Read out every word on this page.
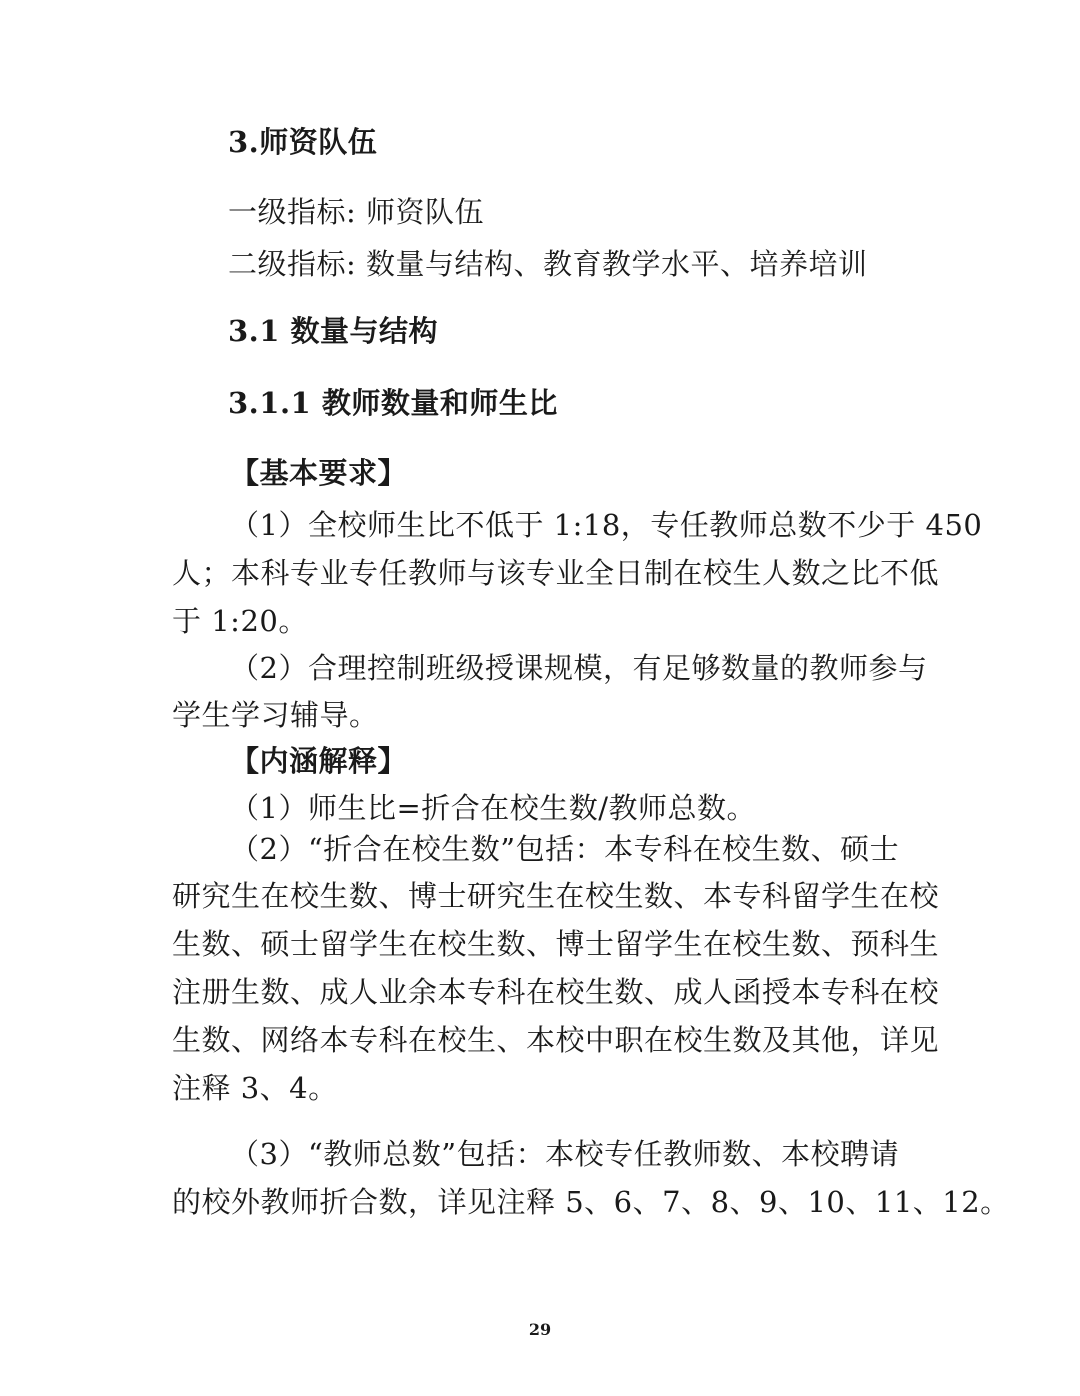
3.师资队伍
一级指标: 师资队伍
二级指标: 数量与结构、教育教学水平、培养培训
3.1 数量与结构
3.1.1 教师数量和师生比
【基本要求】
（1）全校师生比不低于 1:18，专任教师总数不少于 450
人；本科专业专任教师与该专业全日制在校生人数之比不低
于 1:20。
（2）合理控制班级授课规模，有足够数量的教师参与
学生学习辅导。
【内涵解释】
（1）师生比=折合在校生数/教师总数。
（2）“折合在校生数”包括：本专科在校生数、硕士
研究生在校生数、博士研究生在校生数、本专科留学生在校
生数、硕士留学生在校生数、博士留学生在校生数、预科生
注册生数、成人业余本专科在校生数、成人函授本专科在校
生数、网络本专科在校生、本校中职在校生数及其他，详见
注释 3、4。
（3）“教师总数”包括：本校专任教师数、本校聘请
的校外教师折合数，详见注释 5、6、7、8、9、10、11、12。
29
